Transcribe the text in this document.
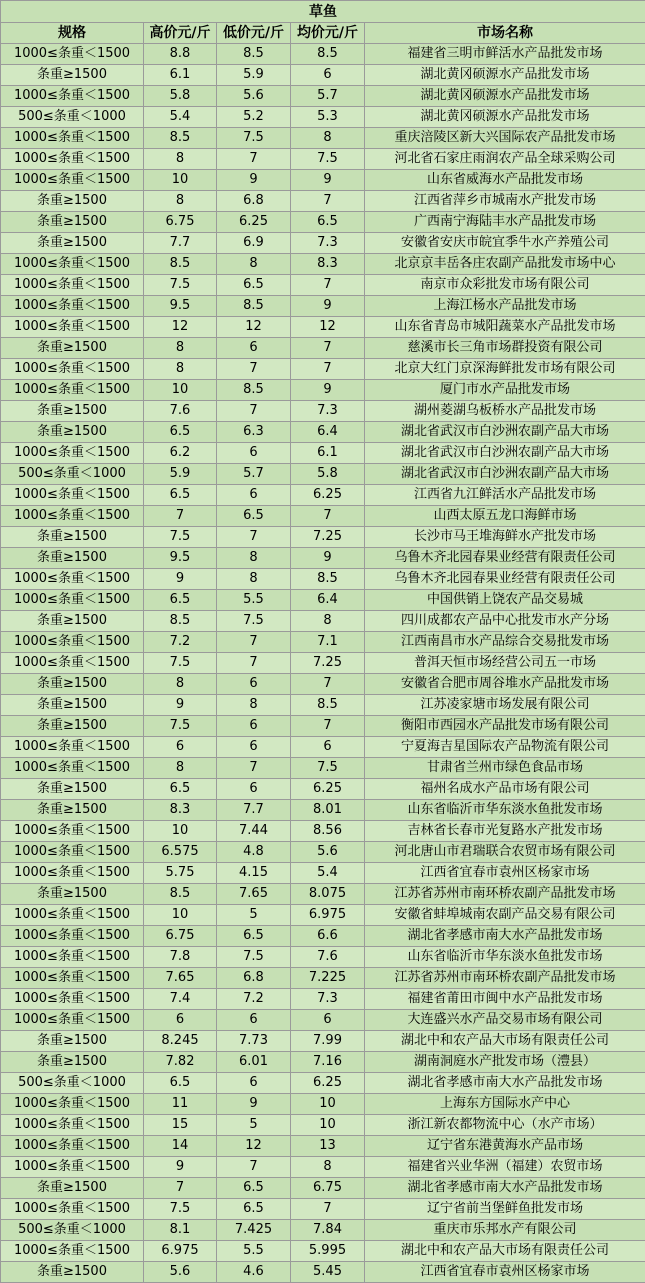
草鱼				
规格	高价元/斤	低价元/斤	均价元/斤	市场名称
1000≤条重＜1500	8.8	8.5	8.5	福建省三明市鲜活水产品批发市场
条重≥1500	6.1	5.9	6	湖北黄冈硕源水产品批发市场
1000≤条重＜1500	5.8	5.6	5.7	湖北黄冈硕源水产品批发市场
500≤条重＜1000	5.4	5.2	5.3	湖北黄冈硕源水产品批发市场
1000≤条重＜1500	8.5	7.5	8	重庆涪陵区新大兴国际农产品批发市场
1000≤条重＜1500	8	7	7.5	河北省石家庄雨润农产品全球采购公司
1000≤条重＜1500	10	9	9	山东省威海水产品批发市场
条重≥1500	8	6.8	7	江西省萍乡市城南水产批发市场
条重≥1500	6.75	6.25	6.5	广西南宁海陆丰水产品批发市场
条重≥1500	7.7	6.9	7.3	安徽省安庆市皖宜季牛水产养殖公司
1000≤条重＜1500	8.5	8	8.3	北京京丰岳各庄农副产品批发市场中心
1000≤条重＜1500	7.5	6.5	7	南京市众彩批发市场有限公司
1000≤条重＜1500	9.5	8.5	9	上海江杨水产品批发市场
1000≤条重＜1500	12	12	12	山东省青岛市城阳蔬菜水产品批发市场
条重≥1500	8	6	7	慈溪市长三角市场群投资有限公司
1000≤条重＜1500	8	7	7	北京大红门京深海鲜批发市场有限公司
1000≤条重＜1500	10	8.5	9	厦门市水产品批发市场
条重≥1500	7.6	7	7.3	湖州菱湖乌板桥水产品批发市场
条重≥1500	6.5	6.3	6.4	湖北省武汉市白沙洲农副产品大市场
1000≤条重＜1500	6.2	6	6.1	湖北省武汉市白沙洲农副产品大市场
500≤条重＜1000	5.9	5.7	5.8	湖北省武汉市白沙洲农副产品大市场
1000≤条重＜1500	6.5	6	6.25	江西省九江鲜活水产品批发市场
1000≤条重＜1500	7	6.5	7	山西太原五龙口海鲜市场
条重≥1500	7.5	7	7.25	长沙市马王堆海鲜水产批发市场
条重≥1500	9.5	8	9	乌鲁木齐北园春果业经营有限责任公司
1000≤条重＜1500	9	8	8.5	乌鲁木齐北园春果业经营有限责任公司
1000≤条重＜1500	6.5	5.5	6.4	中国供销上饶农产品交易城
条重≥1500	8.5	7.5	8	四川成都农产品中心批发市水产分场
1000≤条重＜1500	7.2	7	7.1	江西南昌市水产品综合交易批发市场
1000≤条重＜1500	7.5	7	7.25	普洱天恒市场经营公司五一市场
条重≥1500	8	6	7	安徽省合肥市周谷堆水产品批发市场
条重≥1500	9	8	8.5	江苏凌家塘市场发展有限公司
条重≥1500	7.5	6	7	衡阳市西园水产品批发市场有限公司
1000≤条重＜1500	6	6	6	宁夏海吉星国际农产品物流有限公司
1000≤条重＜1500	8	7	7.5	甘肃省兰州市绿色食品市场
条重≥1500	6.5	6	6.25	福州名成水产品市场有限公司
条重≥1500	8.3	7.7	8.01	山东省临沂市华东淡水鱼批发市场
1000≤条重＜1500	10	7.44	8.56	吉林省长春市光复路水产批发市场
1000≤条重＜1500	6.575	4.8	5.6	河北唐山市君瑞联合农贸市场有限公司
1000≤条重＜1500	5.75	4.15	5.4	江西省宜春市袁州区杨家市场
条重≥1500	8.5	7.65	8.075	江苏省苏州市南环桥农副产品批发市场
1000≤条重＜1500	10	5	6.975	安徽省蚌埠城南农副产品交易有限公司
1000≤条重＜1500	6.75	6.5	6.6	湖北省孝感市南大水产品批发市场
1000≤条重＜1500	7.8	7.5	7.6	山东省临沂市华东淡水鱼批发市场
1000≤条重＜1500	7.65	6.8	7.225	江苏省苏州市南环桥农副产品批发市场
1000≤条重＜1500	7.4	7.2	7.3	福建省莆田市闽中水产品批发市场
1000≤条重＜1500	6	6	6	大连盛兴水产品交易市场有限公司
条重≥1500	8.245	7.73	7.99	湖北中和农产品大市场有限责任公司
条重≥1500	7.82	6.01	7.16	湖南洞庭水产批发市场（澧县）
500≤条重＜1000	6.5	6	6.25	湖北省孝感市南大水产品批发市场
1000≤条重＜1500	11	9	10	上海东方国际水产中心
1000≤条重＜1500	15	5	10	浙江新农都物流中心（水产市场）
1000≤条重＜1500	14	12	13	辽宁省东港黄海水产品市场
1000≤条重＜1500	9	7	8	福建省兴业华洲（福建）农贸市场
条重≥1500	7	6.5	6.75	湖北省孝感市南大水产品批发市场
1000≤条重＜1500	7.5	6.5	7	辽宁省前当堡鲜鱼批发市场
500≤条重＜1000	8.1	7.425	7.84	重庆市乐邦水产有限公司
1000≤条重＜1500	6.975	5.5	5.995	湖北中和农产品大市场有限责任公司
条重≥1500	5.6	4.6	5.45	江西省宜春市袁州区杨家市场
